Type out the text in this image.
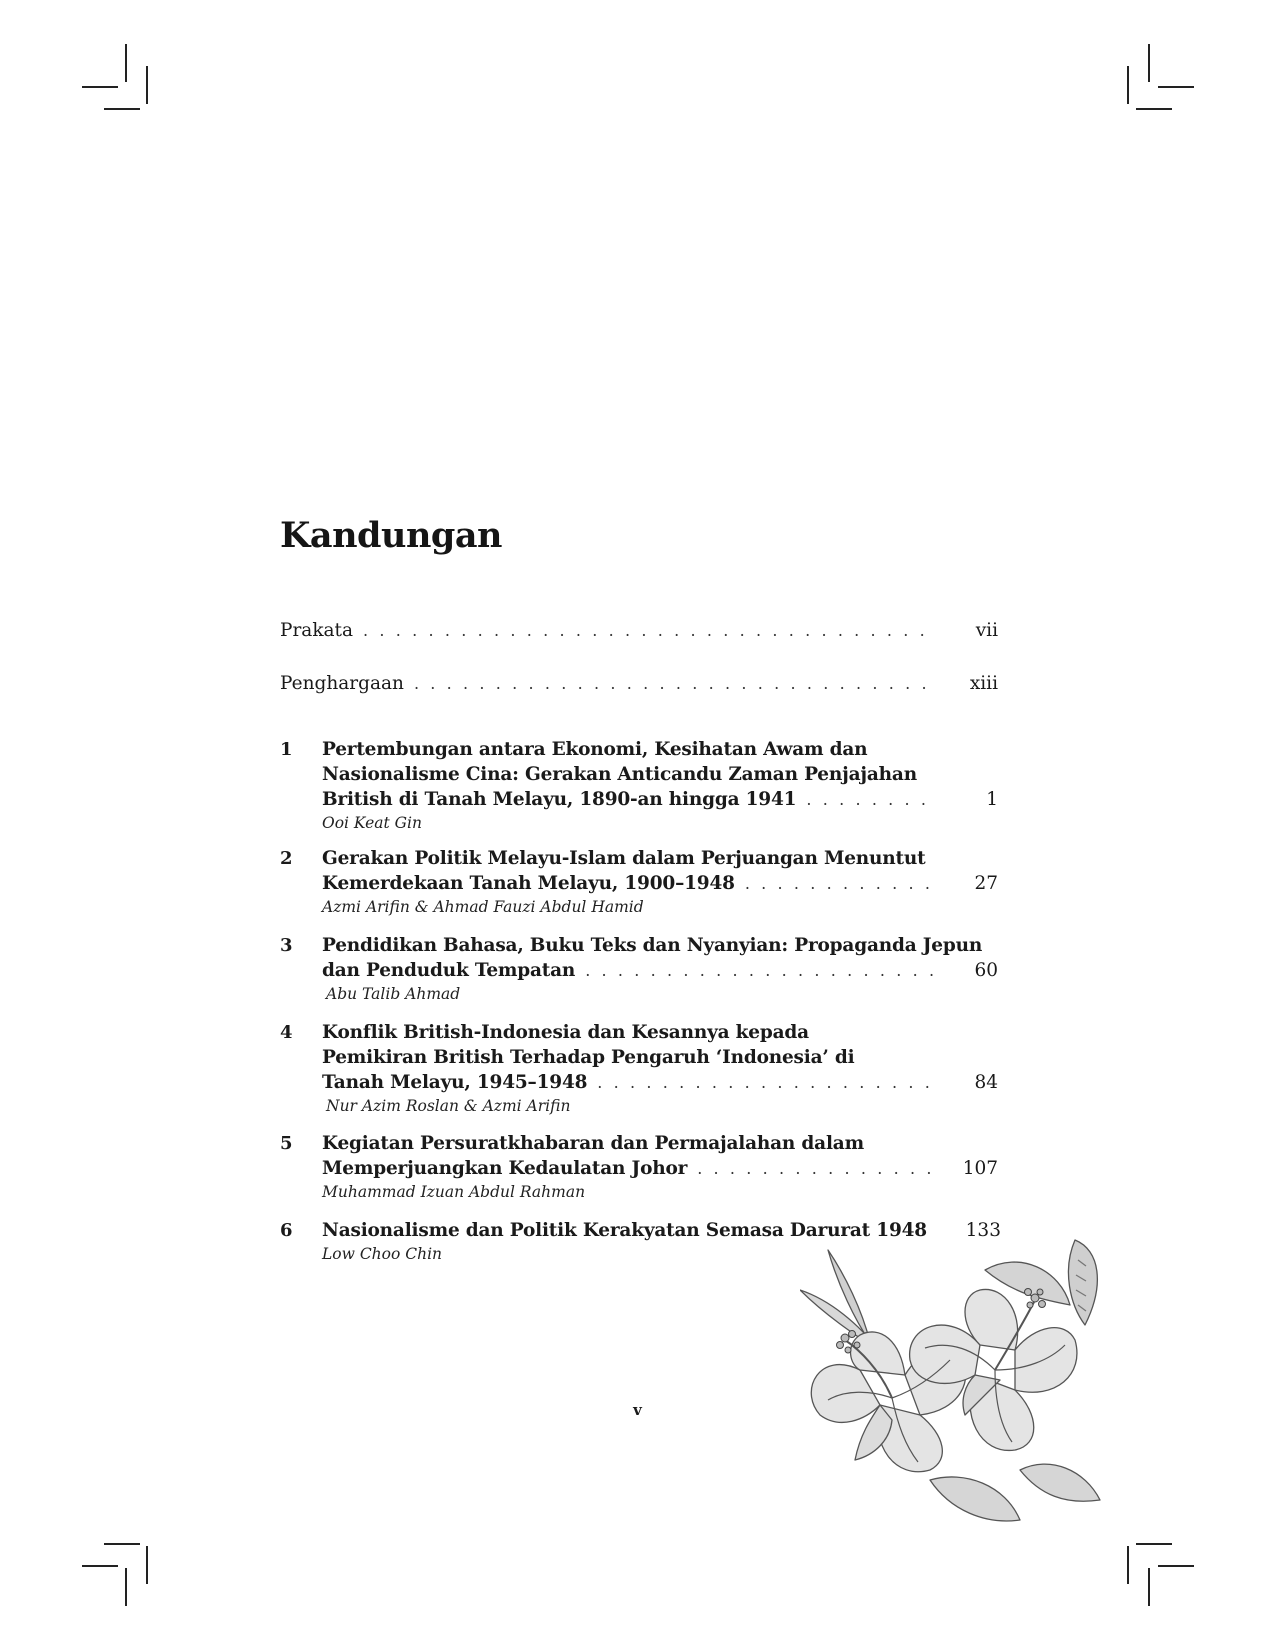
Kandungan
Prakata . . .	vii
Penghargaan . . .	xiii
1	Pertembungan antara Ekonomi, Kesihatan Awam dan
Nasionalisme Cina: Gerakan Anticandu Zaman Penjajahan
British di Tanah Melayu, 1890-an hingga 1941 . . .	1
Ooi Keat Gin
2	Gerakan Politik Melayu-Islam dalam Perjuangan Menuntut
Kemerdekaan Tanah Melayu, 1900–1948 . . .	27
Azmi Arifin & Ahmad Fauzi Abdul Hamid
3	Pendidikan Bahasa, Buku Teks dan Nyanyian: Propaganda Jepun
dan Penduduk Tempatan . . .	60
Abu Talib Ahmad
4	Konflik British-Indonesia dan Kesannya kepada
Pemikiran British Terhadap Pengaruh ‘Indonesia’ di
Tanah Melayu, 1945–1948 . . .	84
Nur Azim Roslan & Azmi Arifin
5	Kegiatan Persuratkhabaran dan Permajalahan dalam
Memperjuangkan Kedaulatan Johor . . .	107
Muhammad Izuan Abdul Rahman
6	Nasionalisme dan Politik Kerakyatan Semasa Darurat 1948	133
Low Choo Chin
v
